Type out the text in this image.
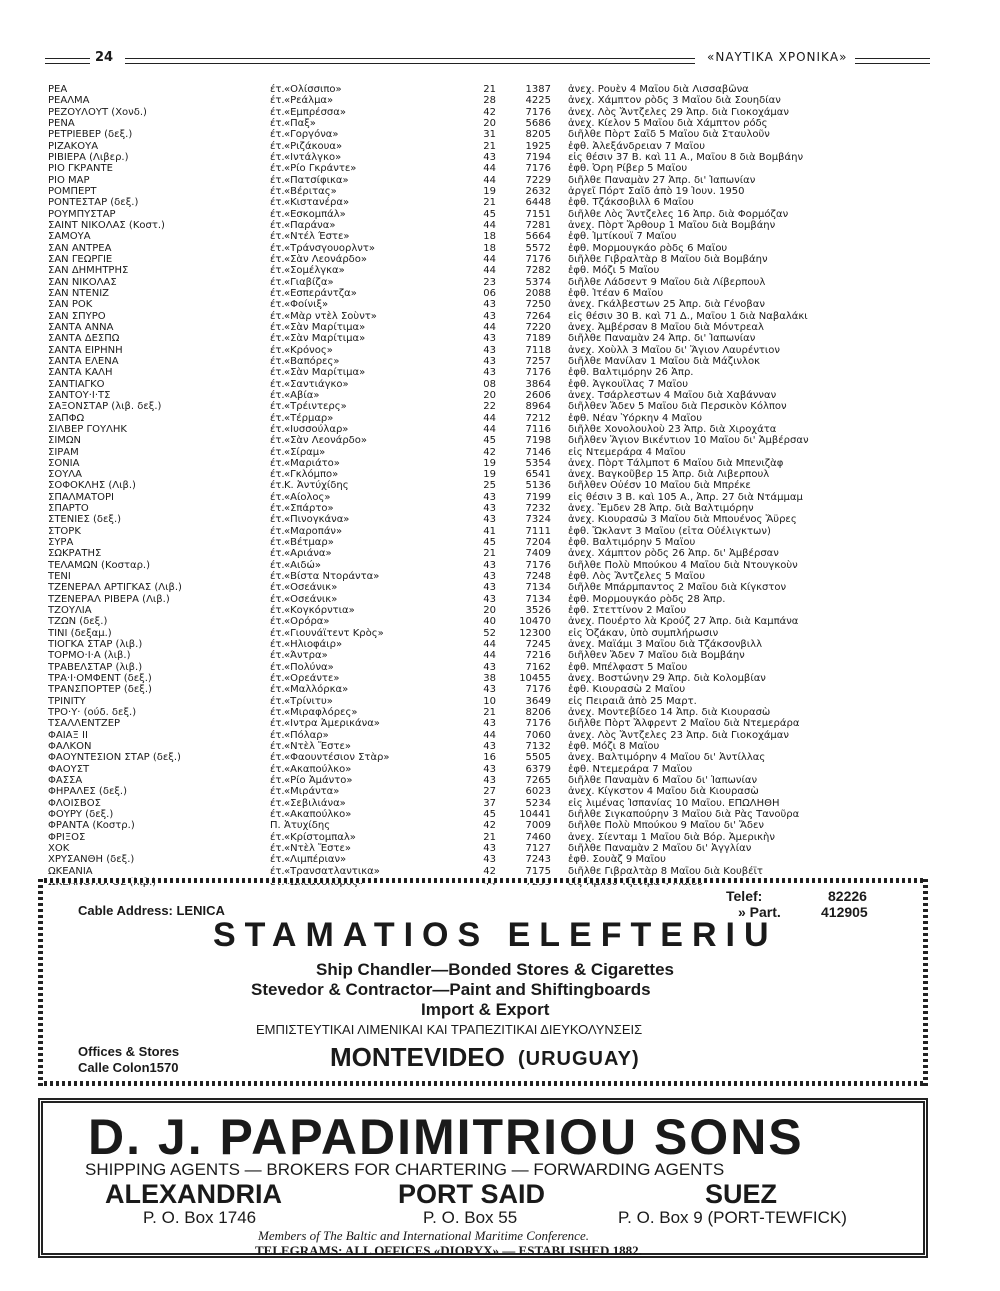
24	«ΝΑΥΤΙΚΑ ΧΡΟΝΙΚΑ»
ΡΕΑ	έτ. «Ολίσσιπο»	21	1387 ἀνεχ. Ρουὲν 4 Μαΐου διὰ Λισσαβῶνα
ΡΕΑΛΜΑ	έτ. «Ρεάλμα»	28	4225 ἀνεχ. Χάμπτον ρὸδς 3 Μαΐου διὰ Σουηδίαν
ΡΕΖΟΥΛΟΥΤ (Χονδ.)	έτ. «Εμπρέσσα»	42	7176 ἀνεχ. Λὸς Ἄντζελες 29 Ἀπρ. διὰ Γιοκοχάμαν
ΡΕΝΑ	έτ. «Παξ»	20	5686 ἀνεχ. Κίελον 5 Μαΐου διὰ Χάμπτον ρόδς
ΡΕΤΡΙΕΒΕΡ (δεξ.)	έτ. «Γοργόνα»	31	8205 διῆλθε Πὸρτ Σαΐδ 5 Μαΐου διὰ Σταυλοῦν
ΡΙΖΑΚΟΥΑ	έτ. «Ριζάκουα»	21	1925 ἐφθ. Ἀλεξάνδρειαν 7 Μαΐου
ΡΙΒΙΕΡΑ (Λιβερ.)	έτ. «Ιντάλγκο»	43	7194 εἰς θέσιν 37 Β. καὶ 11 Α., Μαΐου 8 διὰ Βομβάην
ΡΙΟ ΓΚΡΑΝΤΕ	έτ. «Ρίο Γκράντε»	44	7176 ἐφθ. Ὀρη Ρίβερ 5 Μαΐου
ΡΙΟ ΜΑΡ	έτ. «Πατσίφικα»	44	7229 διῆλθε Παναμὰν 27 Ἀπρ. δι' Ἰαπωνίαν
ΡΟΜΠΕΡΤ	έτ. «Βέριτας»	19	2632 ἀργεῖ Πόρτ Σαΐδ ἀπὸ 19 Ἰουν. 1950
ΡΟΝΤΕΣΤΑΡ (δεξ.)	έτ. «Κιστανέρα»	21	6448 ἐφθ. Τζάκσοβιλλ 6 Μαΐου
ΡΟΥΜΠΥΣΤΑΡ	έτ. «Εσκομπάλ»	45	7151 διῆλθε Λὸς Ἄντζελες 16 Ἀπρ. διὰ Φορμόζαν
ΣΑΙΝΤ ΝΙΚΟΛΑΣ (Κοστ.)	έτ. «Παράνα»	44	7281 ἀνεχ. Πὸρτ Ἄρθουρ 1 Μαΐου διὰ Βομβάην
ΣΑΜΟΥΑ	έτ. «Ντέλ Έστε»	18	5664 ἐφθ. Ἰμτίκουϊ 7 Μαΐου
ΣΑΝ ΑΝΤΡΕΑ	έτ. «Τράνσγουορλντ»	18	5572 ἐφθ. Μορμουγκάο ρὸδς 6 Μαΐου
ΣΑΝ ΓΕΩΡΓΙΕ	έτ. «Σὰν Λεονάρδο»	44	7176 διῆλθε Γιβραλτὰρ 8 Μαΐου διὰ Βομβάην
ΣΑΝ ΔΗΜΗΤΡΗΣ	έτ. «Σομέλγκα»	44	7282 ἐφθ. Μόζι 5 Μαΐου
ΣΑΝ ΝΙΚΟΛΑΣ	έτ. «Γιαβίζα»	23	5374 διῆλθε Λάδσεντ 9 Μαΐου διὰ Λίβερπουλ
ΣΑΝ ΝΤΕΝΙΖ	έτ. «Εσπεράντζα»	06	2088 ἐφθ. Ἰτέαν 6 Μαΐου
ΣΑΝ ΡΟΚ	έτ. «Φοίνιξ»	43	7250 ἀνεχ. Γκάλβεστων 25 Ἀπρ. διὰ Γένοβαν
ΣΑΝ ΣΠΥΡΟ	έτ. «Μὰρ ντὲλ Σοὺντ»	43	7264 εἰς θέσιν 30 Β. καὶ 71 Δ., Μαΐου 1 διὰ Ναβαλάκι
ΣΑΝΤΑ ΑΝΝΑ	έτ. «Σὰν Μαρίτιμα»	44	7220 ἀνεχ. Ἀμβέρσαν 8 Μαΐου διὰ Μόντρεαλ
ΣΑΝΤΑ ΔΕΣΠΩ	έτ. «Σὰν Μαρίτιμα»	43	7189 διῆλθε Παναμὰν 24 Ἀπρ. δι' Ἰαπωνίαν
ΣΑΝΤΑ ΕΙΡΗΝΗ	έτ. «Κρόνος»	43	7118 ἀνεχ. Χοὺλλ 3 Μαΐου δι' Ἅγιον Λαυρέντιον
ΣΑΝΤΑ ΕΛΕΝΑ	έτ. «Βαπόρες»	43	7257 διῆλθε Μανίλαν 1 Μαΐου διὰ Μάζινλοκ
ΣΑΝΤΑ ΚΑΛΗ	έτ. «Σὰν Μαρίτιμα»	43	7176 ἐφθ. Βαλτιμόρην 26 Ἀπρ.
ΣΑΝΤΙΑΓΚΟ	έτ. «Σαντιάγκο»	08	3864 ἐφθ. Ἀγκουΐλας 7 Μαΐου
ΣΑΝΤΟΥ·Ι·ΤΣ	έτ. «Αβία»	20	2606 ἀνεχ. Τσάρλεστων 4 Μαΐου διὰ Χαβάνναν
ΣΑΞΟΝΣΤΑΡ (λιβ. δεξ.)	έτ. «Τρέιντερς»	22	8964 διῆλθεν Ἄδεν 5 Μαΐου διὰ Περσικὸν Κόλπον
ΣΑΠΦΩ	έτ. «Τέρμαρ»	44	7212 ἐφθ. Νέαν Ὑόρκην 4 Μαΐου
ΣΙΛΒΕΡ ΓΟΥΛΗΚ	έτ. «Ιυσσούλαρ»	44	7116 διῆλθε Χονολουλοὺ 23 Ἀπρ. διὰ Χιροχάτα
ΣΙΜΩΝ	έτ. «Σὰν Λεονάρδο»	45	7198 διῆλθεν Ἅγιον Βικέντιον 10 Μαΐου δι' Ἀμβέρσαν
ΣΙΡΑΜ	έτ. «Σίραμ»	42	7146 εἰς Ντεμεράρα 4 Μαΐου
ΣΟΝΙΑ	έτ. «Μαριάτο»	19	5354 ἀνεχ. Πὸρτ Τάλμποτ 6 Μαΐου διὰ Μπενιζὰφ
ΣΟΥΛΑ	έτ. «Γκλόμπο»	19	6541 ἀνεχ. Βαγκοῦβερ 15 Ἀπρ. διὰ Λιβερπουλ
ΣΟΦΟΚΛΗΣ (Λιβ.)	έτ. Κ. Ἀντύχίδης	25	5136 διῆλθεν Οὐέσν 10 Μαΐου διὰ Μπρέκε
ΣΠΑΛΜΑΤΟΡΙ	έτ. «Αίολος»	43	7199 εἰς θέσιν 3 Β. καὶ 105 Α., Ἀπρ. 27 διὰ Ντάμμαμ
ΣΠΑΡΤΟ	έτ. «Σπάρτο»	43	7232 ἀνεχ. Ἔμδεν 28 Ἀπρ. διὰ Βαλτιμόρην
ΣΤΕΝΙΕΣ (δεξ.)	έτ. «Πινογκάνα»	43	7324 ἀνεχ. Κιουρασὼ 3 Μαΐου διὰ Μπουένος Ἄϋρες
ΣΤΟΡΚ	έτ. «Μαροπάν»	41	7111 ἐφθ. Ὤκλαντ 3 Μαΐου (εἶτα Οὐέλιγκτων)
ΣΥΡΑ	έτ. «Βέτμαρ»	45	7204 ἐφθ. Βαλτιμόρην 5 Μαΐου
ΣΩΚΡΑΤΗΣ	έτ. «Αριάνα»	21	7409 ἀνεχ. Χάμπτον ρὸδς 26 Ἀπρ. δι' Ἀμβέρσαν
ΤΕΛΑΜΩΝ (Κοσταρ.)	έτ. «Αιδώ»	43	7176 διῆλθε Πολὺ Μπούκου 4 Μαΐου διὰ Ντουγκοὺν
ΤΕΝΙ	έτ. «Βίστα Ντοράντα»	43	7248 ἐφθ. Λὸς Ἄντζελες 5 Μαΐου
ΤΖΕΝΕΡΑΛ ΑΡΤΙΓΚΑΣ (Λιβ.)	έτ. «Οσεάνικ»	43	7134 διῆλθε Μπάρμπαντος 2 Μαΐου διὰ Κίγκστον
ΤΖΕΝΕΡΑΛ ΡΙΒΕΡΑ (Λιβ.)	έτ. «Οσεάνικ»	43	7134 ἐφθ. Μορμουγκάο ρὸδς 28 Ἀπρ.
ΤΖΟΥΛΙΑ	έτ. «Κογκόρντια»	20	3526 ἐφθ. Στεττίνον 2 Μαΐου
ΤΖΩΝ (δεξ.)	έτ. «Ορόρα»	40	10470 ἀνεχ. Πουέρτο λὰ Κρούζ 27 Ἀπρ. διὰ Καμπάνα
ΤΙΝΙ (δεξαμ.)	έτ. «Γιουνάϊτεντ Κρὸς»	52	12300 εἰς Ὀζάκαν, ὑπὸ συμπλήρωσιν
ΤΙΟΓΚΑ ΣΤΑΡ (λιβ.)	έτ. «Ηλιοφάιρ»	44	7245 ἀνεχ. Μαϊάμι 3 Μαΐου διὰ Τζάκσονβιλλ
ΤΟΡΜΟ·Ι·Α (λιβ.)	έτ. «Άντρα»	44	7216 διῆλθεν Ἄδεν 7 Μαΐου διὰ Βομβάην
ΤΡΑΒΕΛΣΤΑΡ (λιβ.)	έτ. «Πολύνα»	43	7162 ἐφθ. Μπέλφαστ 5 Μαΐου
ΤΡΑ·Ι·ΟΜΦΕΝΤ (δεξ.)	έτ. «Ορεάντε»	38	10455 ἀνεχ. Βοστώνην 29 Ἀπρ. διὰ Κολομβίαν
ΤΡΑΝΣΠΟΡΤΕΡ (δεξ.)	έτ. «Μαλλόρκα»	43	7176 ἐφθ. Κιουρασὼ 2 Μαΐου
ΤΡΙΝΙΤΥ	έτ. «Τρίνιτυ»	10	3649 εἰς Πειραιᾶ ἀπὸ 25 Μαρτ.
ΤΡΟ·Υ· (ούδ. δεξ.)	έτ. «Μιραφλόρες»	21	8206 ἀνεχ. Μοντεβίδεο 14 Ἀπρ. διὰ Κιουρασὼ
ΤΣΑΛΛΕΝΤΖΕΡ	έτ. «Ιντρα Ἀμερικάνα»	43	7176 διῆλθε Πὸρτ Ἄλφρεντ 2 Μαΐου διὰ Ντεμεράρα
ΦΑΙΑΞ ΙΙ	έτ. «Πόλαρ»	44	7060 ἀνεχ. Λὸς Ἄντζελες 23 Ἀπρ. διὰ Γιοκοχάμαν
ΦΑΛΚΟΝ	έτ. «Ντὲλ Ἔστε»	43	7132 ἐφθ. Μόζι 8 Μαΐου
ΦΑΟΥΝΤΕΣΙΟΝ ΣΤΑΡ (δεξ.)	έτ. «Φαουντέσιον Στὰρ»	16	5505 ἀνεχ. Βαλτιμόρην 4 Μαΐου δι' Ἀντίλλας
ΦΑΟΥΣΤ	έτ. «Ακαπούλκο»	43	6379 ἐφθ. Ντεμεράρα 7 Μαΐου
ΦΑΣΣΑ	έτ. «Ρίο Ἀμάντο»	43	7265 διῆλθε Παναμὰν 6 Μαΐου δι' Ἰαπωνίαν
ΦΗΡΑΛΕΣ (δεξ.)	έτ. «Μιράντα»	27	6023 ἀνεχ. Κίγκστον 4 Μαΐου διὰ Κιουρασὼ
ΦΛΟΙΣΒΟΣ	έτ. «Σεβιλιάνα»	37	5234 εἰς λιμένας Ἰσπανίας 10 Μαΐου. ΕΠΩΛΗΘΗ
ΦΟΥΡΥ (δεξ.)	έτ. «Ακαπούλκο»	45	10441 διῆλθε Σιγκαπούρην 3 Μαΐου διὰ Ρὰς Τανοῦρα
ΦΡΑΝΤΑ (Κοστρ.)	Π. Ἀτυχίδης	42	7009 διῆλθε Πολὺ Μπούκου 9 Μαΐου δι' Ἄδεν
ΦΡΙΞΟΣ	έτ. «Κρίστομπαλ»	21	7460 ἀνεχ. Σίενταμ 1 Μαΐου διὰ Βόρ. Ἀμερικὴν
ΧΟΚ	έτ. «Ντὲλ Ἔστε»	43	7127 διῆλθε Παναμὰν 2 Μαΐου δι' Ἀγγλίαν
ΧΡΥΣΑΝΘΗ (δεξ.)	έτ. «Λιμπέριαν»	43	7243 ἐφθ. Σουὰζ 9 Μαΐου
ΩΚΕΑΝΙΑ	έτ. «Τρανσατλαντικα»	42	7175 διῆλθε Γιβραλτὰρ 8 Μαΐου διὰ Κουβέϊτ
Cable Address: LENICA
Telef:	82226
» Part.	412905
STAMATIOS ELEFTERIU
Ship Chandler—Bonded Stores & Cigarettes
Stevedor & Contractor—Paint and Shiftingboards
Import & Export
ΕΜΠΙΣΤΕΥΤΙΚΑΙ ΛΙΜΕΝΙΚΑΙ ΚΑΙ ΤΡΑΠΕΖΙΤΙΚΑΙ ΔΙΕΥΚΟΛΥΝΣΕΙΣ
Offices & Stores
Calle Colon1570	MONTEVIDEO (URUGUAY)
D. J. PAPADIMITRIOU SONS
SHIPPING AGENTS — BROKERS FOR CHARTERING — FORWARDING AGENTS
ALEXANDRIA	PORT SAID	SUEZ
P. O. Box 1746	P. O. Box 55	P. O. Box 9 (PORT-TEWFICK)
Members of The Baltic and International Maritime Conference.
TELEGRAMS: ALL OFFICES «DIORYX» — ESTABLISHED 1882.
